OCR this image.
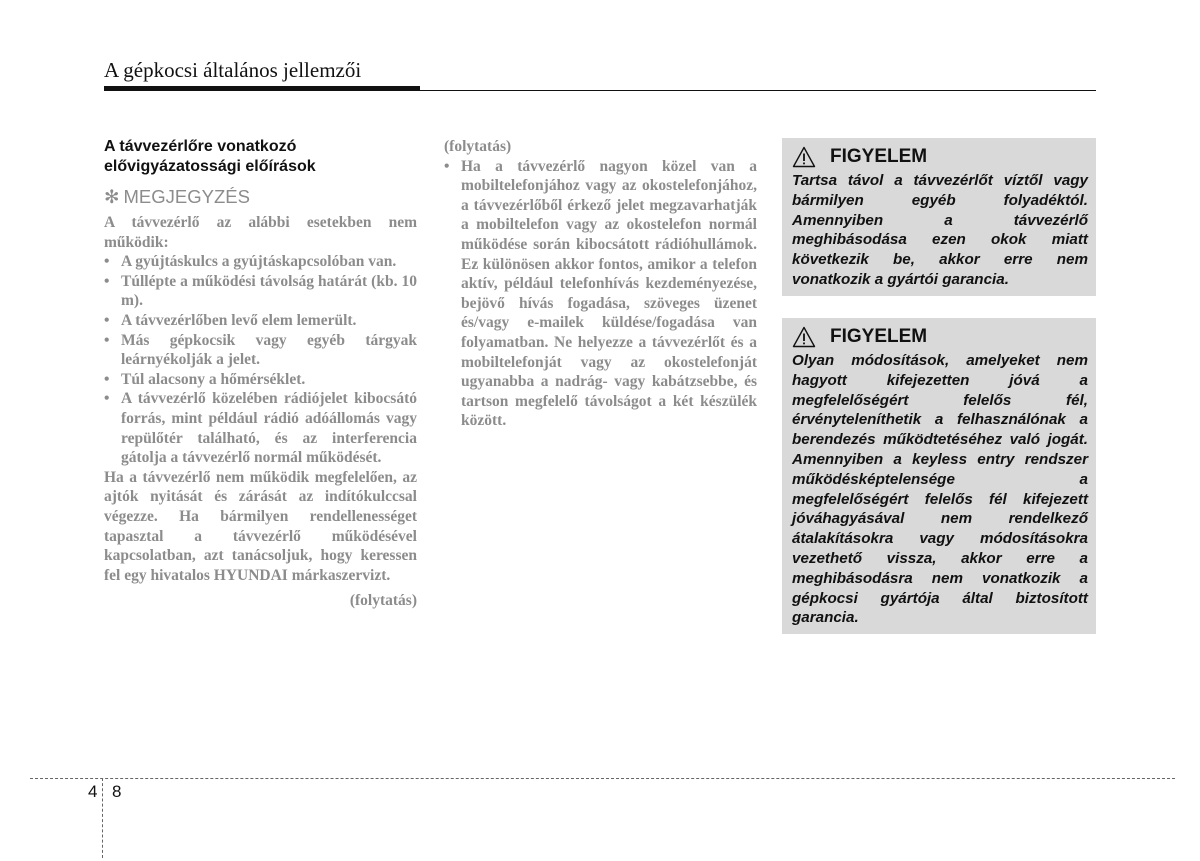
A gépkocsi általános jellemzői
A távvezérlőre vonatkozó elővigyázatossági előírások
✻ MEGJEGYZÉS

A távvezérlő az alábbi esetekben nem működik:

• A gyújtáskulcs a gyújtáskapcsolóban van.

• Túllépte a működési távolság határát (kb. 10 m).

• A távvezérlőben levő elem lemerült.

• Más gépkocsik vagy egyéb tárgyak leárnyékolják a jelet.

• Túl alacsony a hőmérséklet.

• A távvezérlő közelében rádiójelet kibocsátó forrás, mint például rádió adóállomás vagy repülőtér található, és az interferencia gátolja a távvezérlő normál működését.

Ha a távvezérlő nem működik megfelelően, az ajtók nyitását és zárását az indítókulccsal végezze. Ha bármilyen rendellenességet tapasztal a távvezérlő működésével kapcsolatban, azt tanácsoljuk, hogy keressen fel egy hivatalos HYUNDAI márkaszervizt.

(folytatás)

(folytatás)

• Ha a távvezérlő nagyon közel van a mobiltelefonjához vagy az okostelefonjához, a távvezérlőből érkező jelet megzavarhatják a mobiltelefon vagy az okostelefon normál működése során kibocsátott rádióhullámok. Ez különösen akkor fontos, amikor a telefon aktív, például telefonhívás kezdeményezése, bejövő hívás fogadása, szöveges üzenet és/vagy e-mailek küldése/fogadása van folyamatban. Ne helyezze a távvezérlőt és a mobiltelefonját vagy az okostelefonját ugyanabba a nadrág- vagy kabátzsebbe, és tartson megfelelő távolságot a két készülék között.

FIGYELEM

Tartsa távol a távvezérlőt víztől vagy bármilyen egyéb folyadéktól. Amennyiben a távvezérlő meghibásodása ezen okok miatt következik be, akkor erre nem vonatkozik a gyártói garancia.

FIGYELEM

Olyan módosítások, amelyeket nem hagyott kifejezetten jóvá a megfelelőségért felelős fél, érvényteleníthetik a felhasználónak a berendezés működtetéséhez való jogát. Amennyiben a keyless entry rendszer működésképtelensége a megfelelőségért felelős fél kifejezett jóváhagyásával nem rendelkező átalakításokra vagy módosításokra vezethető vissza, akkor erre a meghibásodásra nem vonatkozik a gépkocsi gyártója által biztosított garancia.

4 8
